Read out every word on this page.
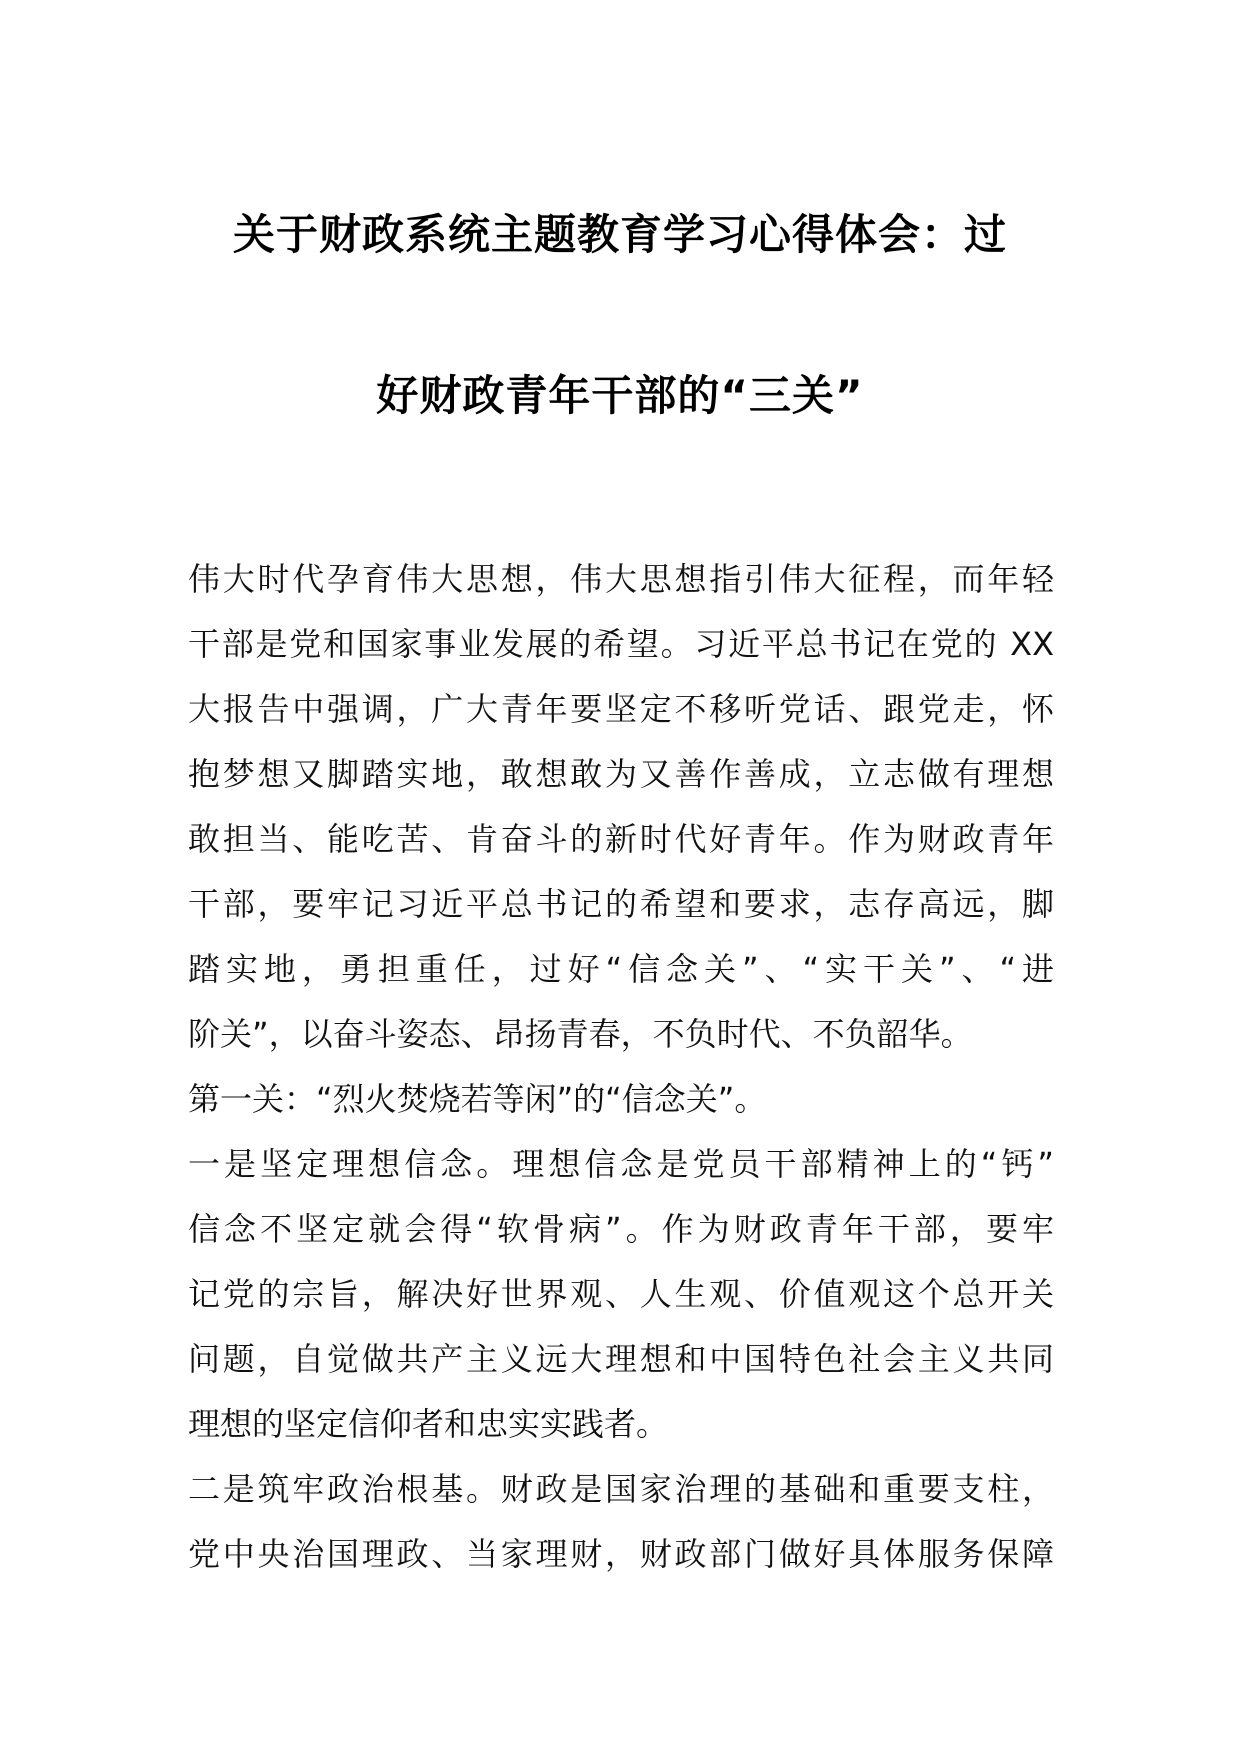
关于财政系统主题教育学习心得体会：过
好财政青年干部的“三关”
伟大时代孕育伟大思想，伟大思想指引伟大征程，而年轻
干部是党和国家事业发展的希望。习近平总书记在党的 XX
大报告中强调，广大青年要坚定不移听党话、跟党走，怀
抱梦想又脚踏实地，敢想敢为又善作善成，立志做有理想
敢担当、能吃苦、肯奋斗的新时代好青年。作为财政青年
干部，要牢记习近平总书记的希望和要求，志存高远，脚
踏实地，勇担重任，过好“信念关”、“实干关”、“进
阶关”，以奋斗姿态、昂扬青春，不负时代、不负韶华。
第一关：“烈火焚烧若等闲”的“信念关”。
一是坚定理想信念。理想信念是党员干部精神上的“钙”
信念不坚定就会得“软骨病”。作为财政青年干部，要牢
记党的宗旨，解决好世界观、人生观、价值观这个总开关
问题，自觉做共产主义远大理想和中国特色社会主义共同
理想的坚定信仰者和忠实实践者。
二是筑牢政治根基。财政是国家治理的基础和重要支柱，
党中央治国理政、当家理财，财政部门做好具体服务保障
